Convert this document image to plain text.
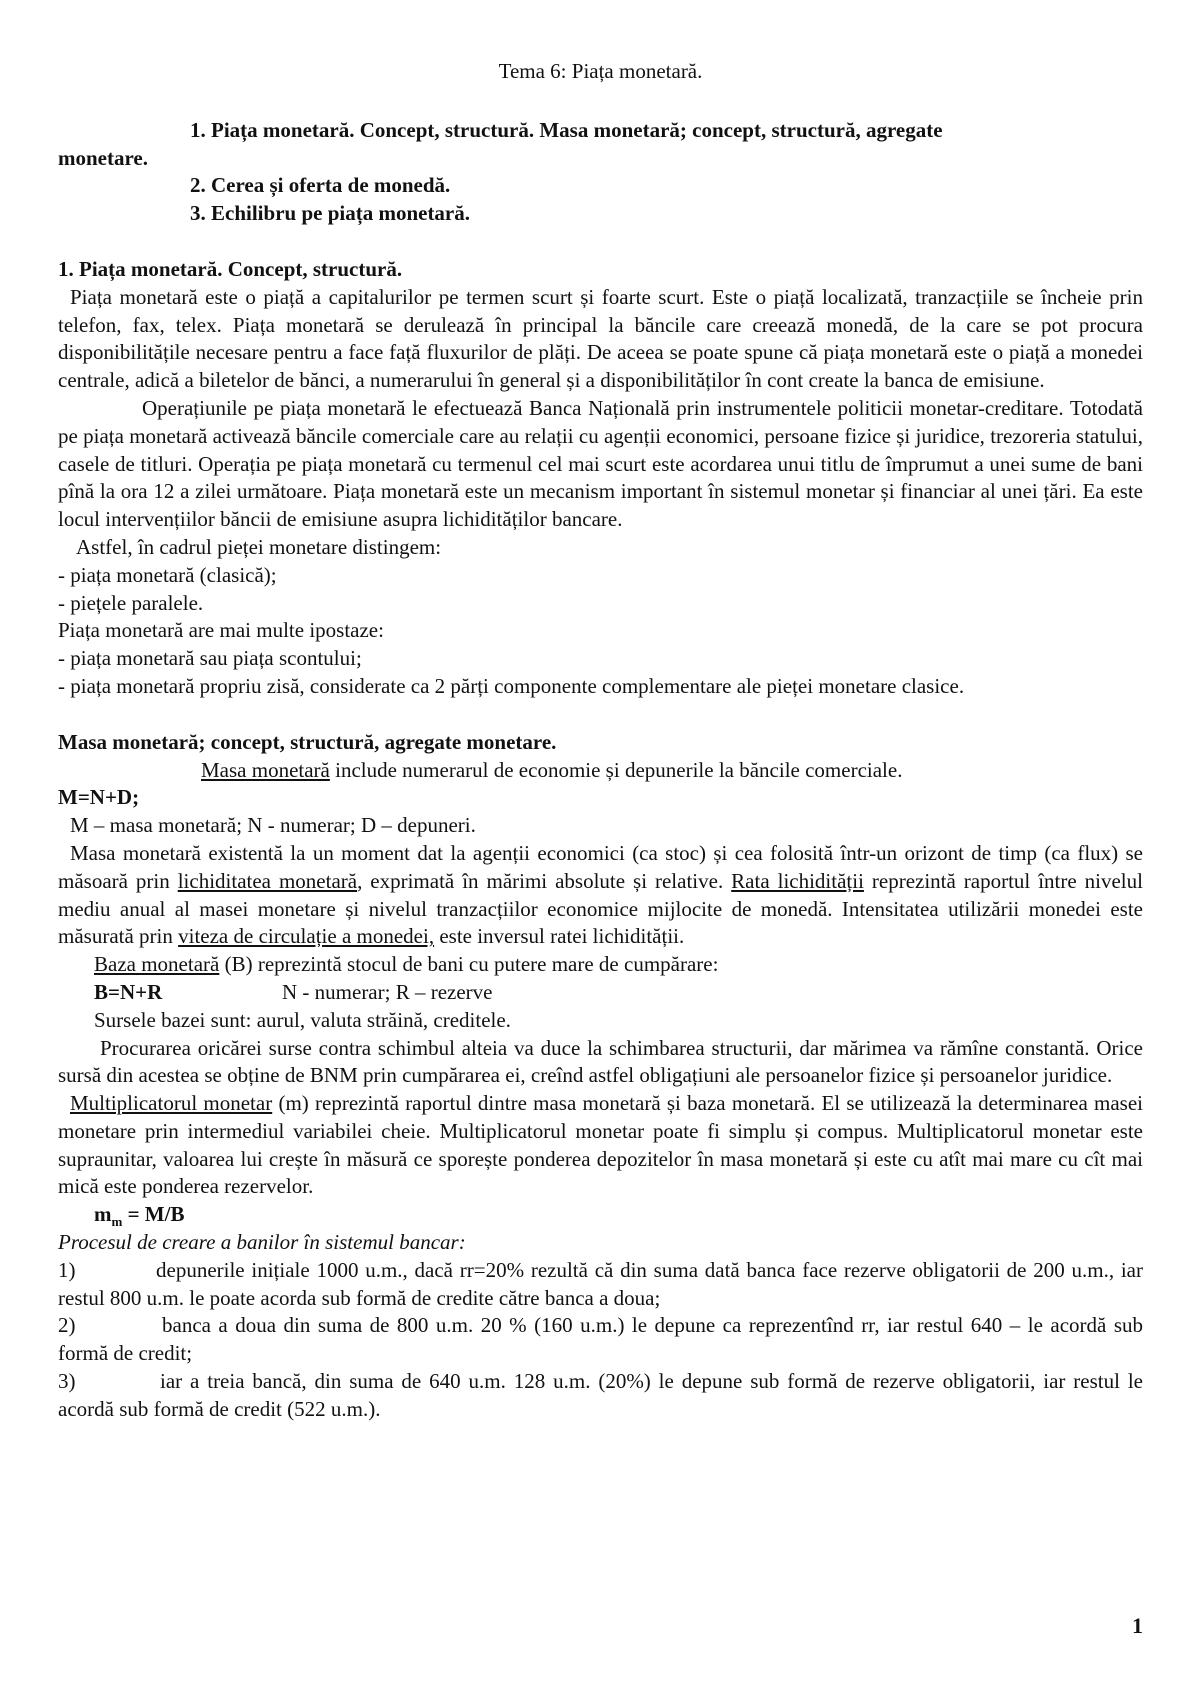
Tema 6: Piața monetară.

1. Piața monetară. Concept, structură. Masa monetară; concept, structură, agregate

monetare.

2. Cerea și oferta de monedă.

3. Echilibru pe piața monetară.

1. Piața monetară. Concept, structură.

Piața monetară este o piață a capitalurilor pe termen scurt și foarte scurt. Este o piață localizată, tranzacțiile se încheie prin telefon, fax, telex. Piața monetară se derulează în principal la băncile care creează monedă, de la care se pot procura disponibilitățile necesare pentru a face față fluxurilor de plăți. De aceea se poate spune că piața monetară este o piață a monedei centrale, adică a biletelor de bănci, a numerarului în general și a disponibilităților în cont create la banca de emisiune.

Operațiunile pe piața monetară le efectuează Banca Națională prin instrumentele politicii monetar-creditare. Totodată pe piața monetară activează băncile comerciale care au relații cu agenții economici, persoane fizice și juridice, trezoreria statului, casele de titluri. Operația pe piața monetară cu termenul cel mai scurt este acordarea unui titlu de împrumut a unei sume de bani pînă la ora 12 a zilei următoare. Piața monetară este un mecanism important în sistemul monetar și financiar al unei țări. Ea este locul intervențiilor băncii de emisiune asupra lichidităților bancare.

Astfel, în cadrul pieței monetare distingem:

- piața monetară (clasică);

- piețele paralele.

Piața monetară are mai multe ipostaze:

- piața monetară sau piața scontului;

- piața monetară propriu zisă, considerate ca 2 părți componente complementare ale pieței monetare clasice.

Masa monetară; concept, structură, agregate monetare.

Masa monetară include numerarul de economie și depunerile la băncile comerciale.

M=N+D;

M – masa monetară; N - numerar; D – depuneri.

Masa monetară existentă la un moment dat la agenții economici (ca stoc) și cea folosită într-un orizont de timp (ca flux) se măsoară prin lichiditatea monetară, exprimată în mărimi absolute și relative. Rata lichidității reprezintă raportul între nivelul mediu anual al masei monetare și nivelul tranzacțiilor economice mijlocite de monedă. Intensitatea utilizării monedei este măsurată prin viteza de circulație a monedei, este inversul ratei lichidității.

Baza monetară (B) reprezintă stocul de bani cu putere mare de cumpărare:

B=N+R	N - numerar; R – rezerve

Sursele bazei sunt: aurul, valuta străină, creditele.

Procurarea oricărei surse contra schimbul alteia va duce la schimbarea structurii, dar mărimea va rămîne constantă. Orice sursă din acestea se obține de BNM prin cumpărarea ei, creînd astfel obligațiuni ale persoanelor fizice și persoanelor juridice.

Multiplicatorul monetar (m) reprezintă raportul dintre masa monetară și baza monetară. El se utilizează la determinarea masei monetare prin intermediul variabilei cheie. Multiplicatorul monetar poate fi simplu și compus. Multiplicatorul monetar este supraunitar, valoarea lui crește în măsură ce sporește ponderea depozitelor în masa monetară și este cu atît mai mare cu cît mai mică este ponderea rezervelor.

$m_m = M/B$

Procesul de creare a banilor în sistemul bancar:

1)	depunerile inițiale 1000 u.m., dacă rr=20% rezultă că din suma dată banca face rezerve obligatorii de 200 u.m., iar restul 800 u.m. le poate acorda sub formă de credite către banca a doua;

2)	banca a doua din suma de 800 u.m. 20 % (160 u.m.) le depune ca reprezentînd rr, iar restul 640 – le acordă sub formă de credit;

3)	iar a treia bancă, din suma de 640 u.m. 128 u.m. (20%) le depune sub formă de rezerve obligatorii, iar restul le acordă sub formă de credit (522 u.m.).

1
